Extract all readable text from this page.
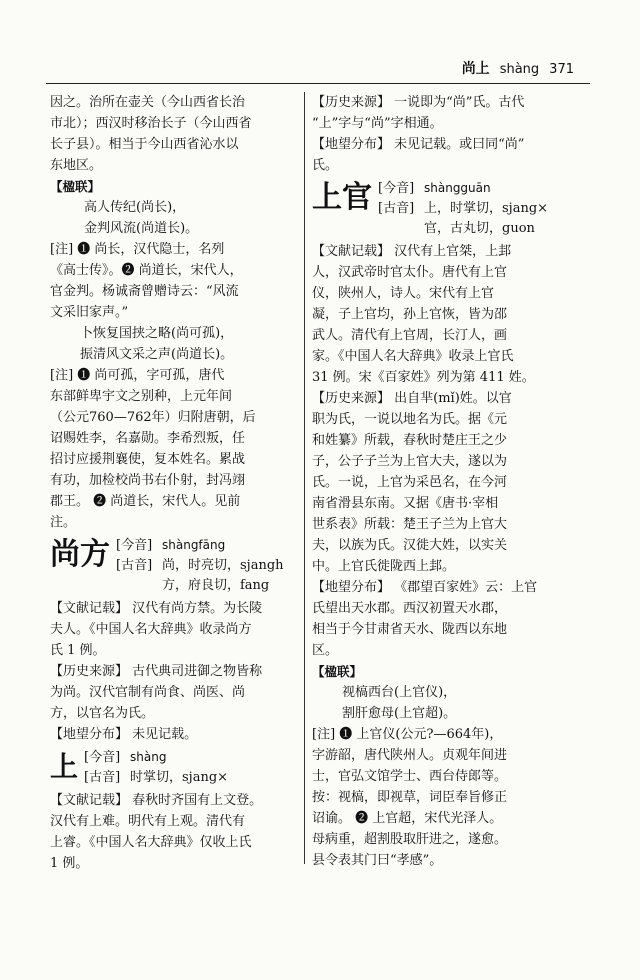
尚上 shàng 371

因之。治所在壶关（今山西省长治

市北）；西汉时移治长子（今山西省

长子县）。相当于今山西省沁水以

东地区。

【楹联】

高人传纪(尚长)，

金判风流(尚道长)。

[注] ❶ 尚长，汉代隐士，名列

《高士传》。❷ 尚道长，宋代人，

官金判。杨诚斋曾赠诗云：“风流

文采旧家声。”

卜恢复国挟之略(尚可孤)，

振清风文采之声(尚道长)。

[注] ❶ 尚可孤，字可孤，唐代

东部鲜卑宇文之别种，上元年间

（公元760—762年）归附唐朝，后

诏赐姓李，名嘉勋。李希烈叛，任

招讨应援荆襄使，复本姓名。累战

有功，加检校尚书右仆射，封冯翊

郡王。 ❷ 尚道长，宋代人。见前

注。

尚方 [今音] shàngfāng
[古音] 尚，时亮切，sjangh
方，府良切，fang

【文献记载】 汉代有尚方禁。为长陵

夫人。《中国人名大辞典》收录尚方

氏 1 例。

【历史来源】 古代典司进御之物皆称

为尚。汉代官制有尚食、尚医、尚

方，以官名为氏。

【地望分布】 未见记载。

上 [今音] shàng
[古音] 时掌切，sjang×

【文献记载】 春秋时齐国有上文登。

汉代有上难。明代有上观。清代有

上睿。《中国人名大辞典》仅收上氏

1 例。

【历史来源】 一说即为“尚”氏。古代

“上”字与“尚”字相通。

【地望分布】 未见记载。或曰同“尚”

氏。

上官 [今音] shàngguān
[古音] 上，时掌切，sjang×
官，古丸切，guon

【文献记载】 汉代有上官桀，上邽

人，汉武帝时官太仆。唐代有上官

仪，陕州人，诗人。宋代有上官

凝，子上官均，孙上官恢，皆为邵

武人。清代有上官周，长汀人，画

家。《中国人名大辞典》收录上官氏

31 例。宋《百家姓》列为第 411 姓。

【历史来源】 出自芈(mǐ)姓。以官

职为氏，一说以地名为氏。据《元

和姓纂》所载，春秋时楚庄王之少

子，公子子兰为上官大夫，遂以为

氏。一说，上官为采邑名，在今河

南省滑县东南。又据《唐书·宰相

世系表》所载：楚王子兰为上官大

夫，以族为氏。汉徙大姓，以实关

中。上官氏徙陇西上邽。

【地望分布】 《郡望百家姓》云：上官

氏望出天水郡。西汉初置天水郡，

相当于今甘肃省天水、陇西以东地

区。

【楹联】

视槁西台(上官仪)，

割肝愈母(上官超)。

[注] ❶ 上官仪(公元?—664年)，

字游韶，唐代陕州人。贞观年间进

士，官弘文馆学士、西台侍郎等。

按：视槁，即视草，词臣奉旨修正

诏谕。 ❷ 上官超，宋代光泽人。

母病重，超割股取肝进之，遂愈。

县令表其门曰“孝感”。
